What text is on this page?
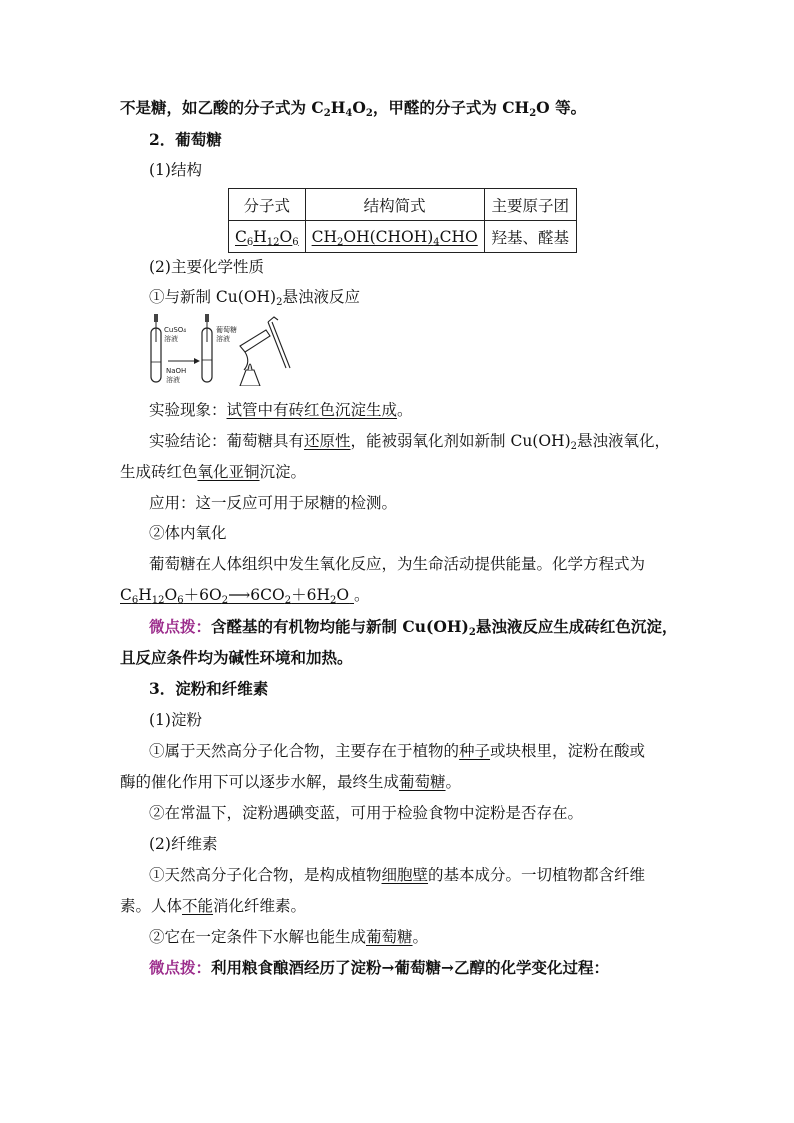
不是糖，如乙酸的分子式为 $C_2H_4O_2$，甲醛的分子式为 $CH_2O$ 等。
2．葡萄糖
(1)结构
分子式	结构简式	主要原子团
$C_6H_{12}O_6$	$CH_2OH(CHOH)_4CHO$	羟基、醛基
(2)主要化学性质
①与新制 $Cu(OH)_2$悬浊液反应
CuSO₄
溶液
NaOH
溶液
葡萄糖
溶液
实验现象：试管中有砖红色沉淀生成。
实验结论：葡萄糖具有还原性，能被弱氧化剂如新制 $Cu(OH)_2$悬浊液氧化，
生成砖红色氧化亚铜沉淀。
应用：这一反应可用于尿糖的检测。
②体内氧化
葡萄糖在人体组织中发生氧化反应，为生命活动提供能量。化学方程式为
$C_6H_{12}O_6+6O_2⟶6CO_2+6H_2O$ 。
微点拨：含醛基的有机物均能与新制 $Cu(OH)_2$悬浊液反应生成砖红色沉淀，
且反应条件均为碱性环境和加热。
3．淀粉和纤维素
(1)淀粉
①属于天然高分子化合物，主要存在于植物的种子或块根里，淀粉在酸或
酶的催化作用下可以逐步水解，最终生成葡萄糖。
②在常温下，淀粉遇碘变蓝，可用于检验食物中淀粉是否存在。
(2)纤维素
①天然高分子化合物，是构成植物细胞壁的基本成分。一切植物都含纤维
素。人体不能消化纤维素。
②它在一定条件下水解也能生成葡萄糖。
微点拨：利用粮食酿酒经历了淀粉→葡萄糖→乙醇的化学变化过程：
